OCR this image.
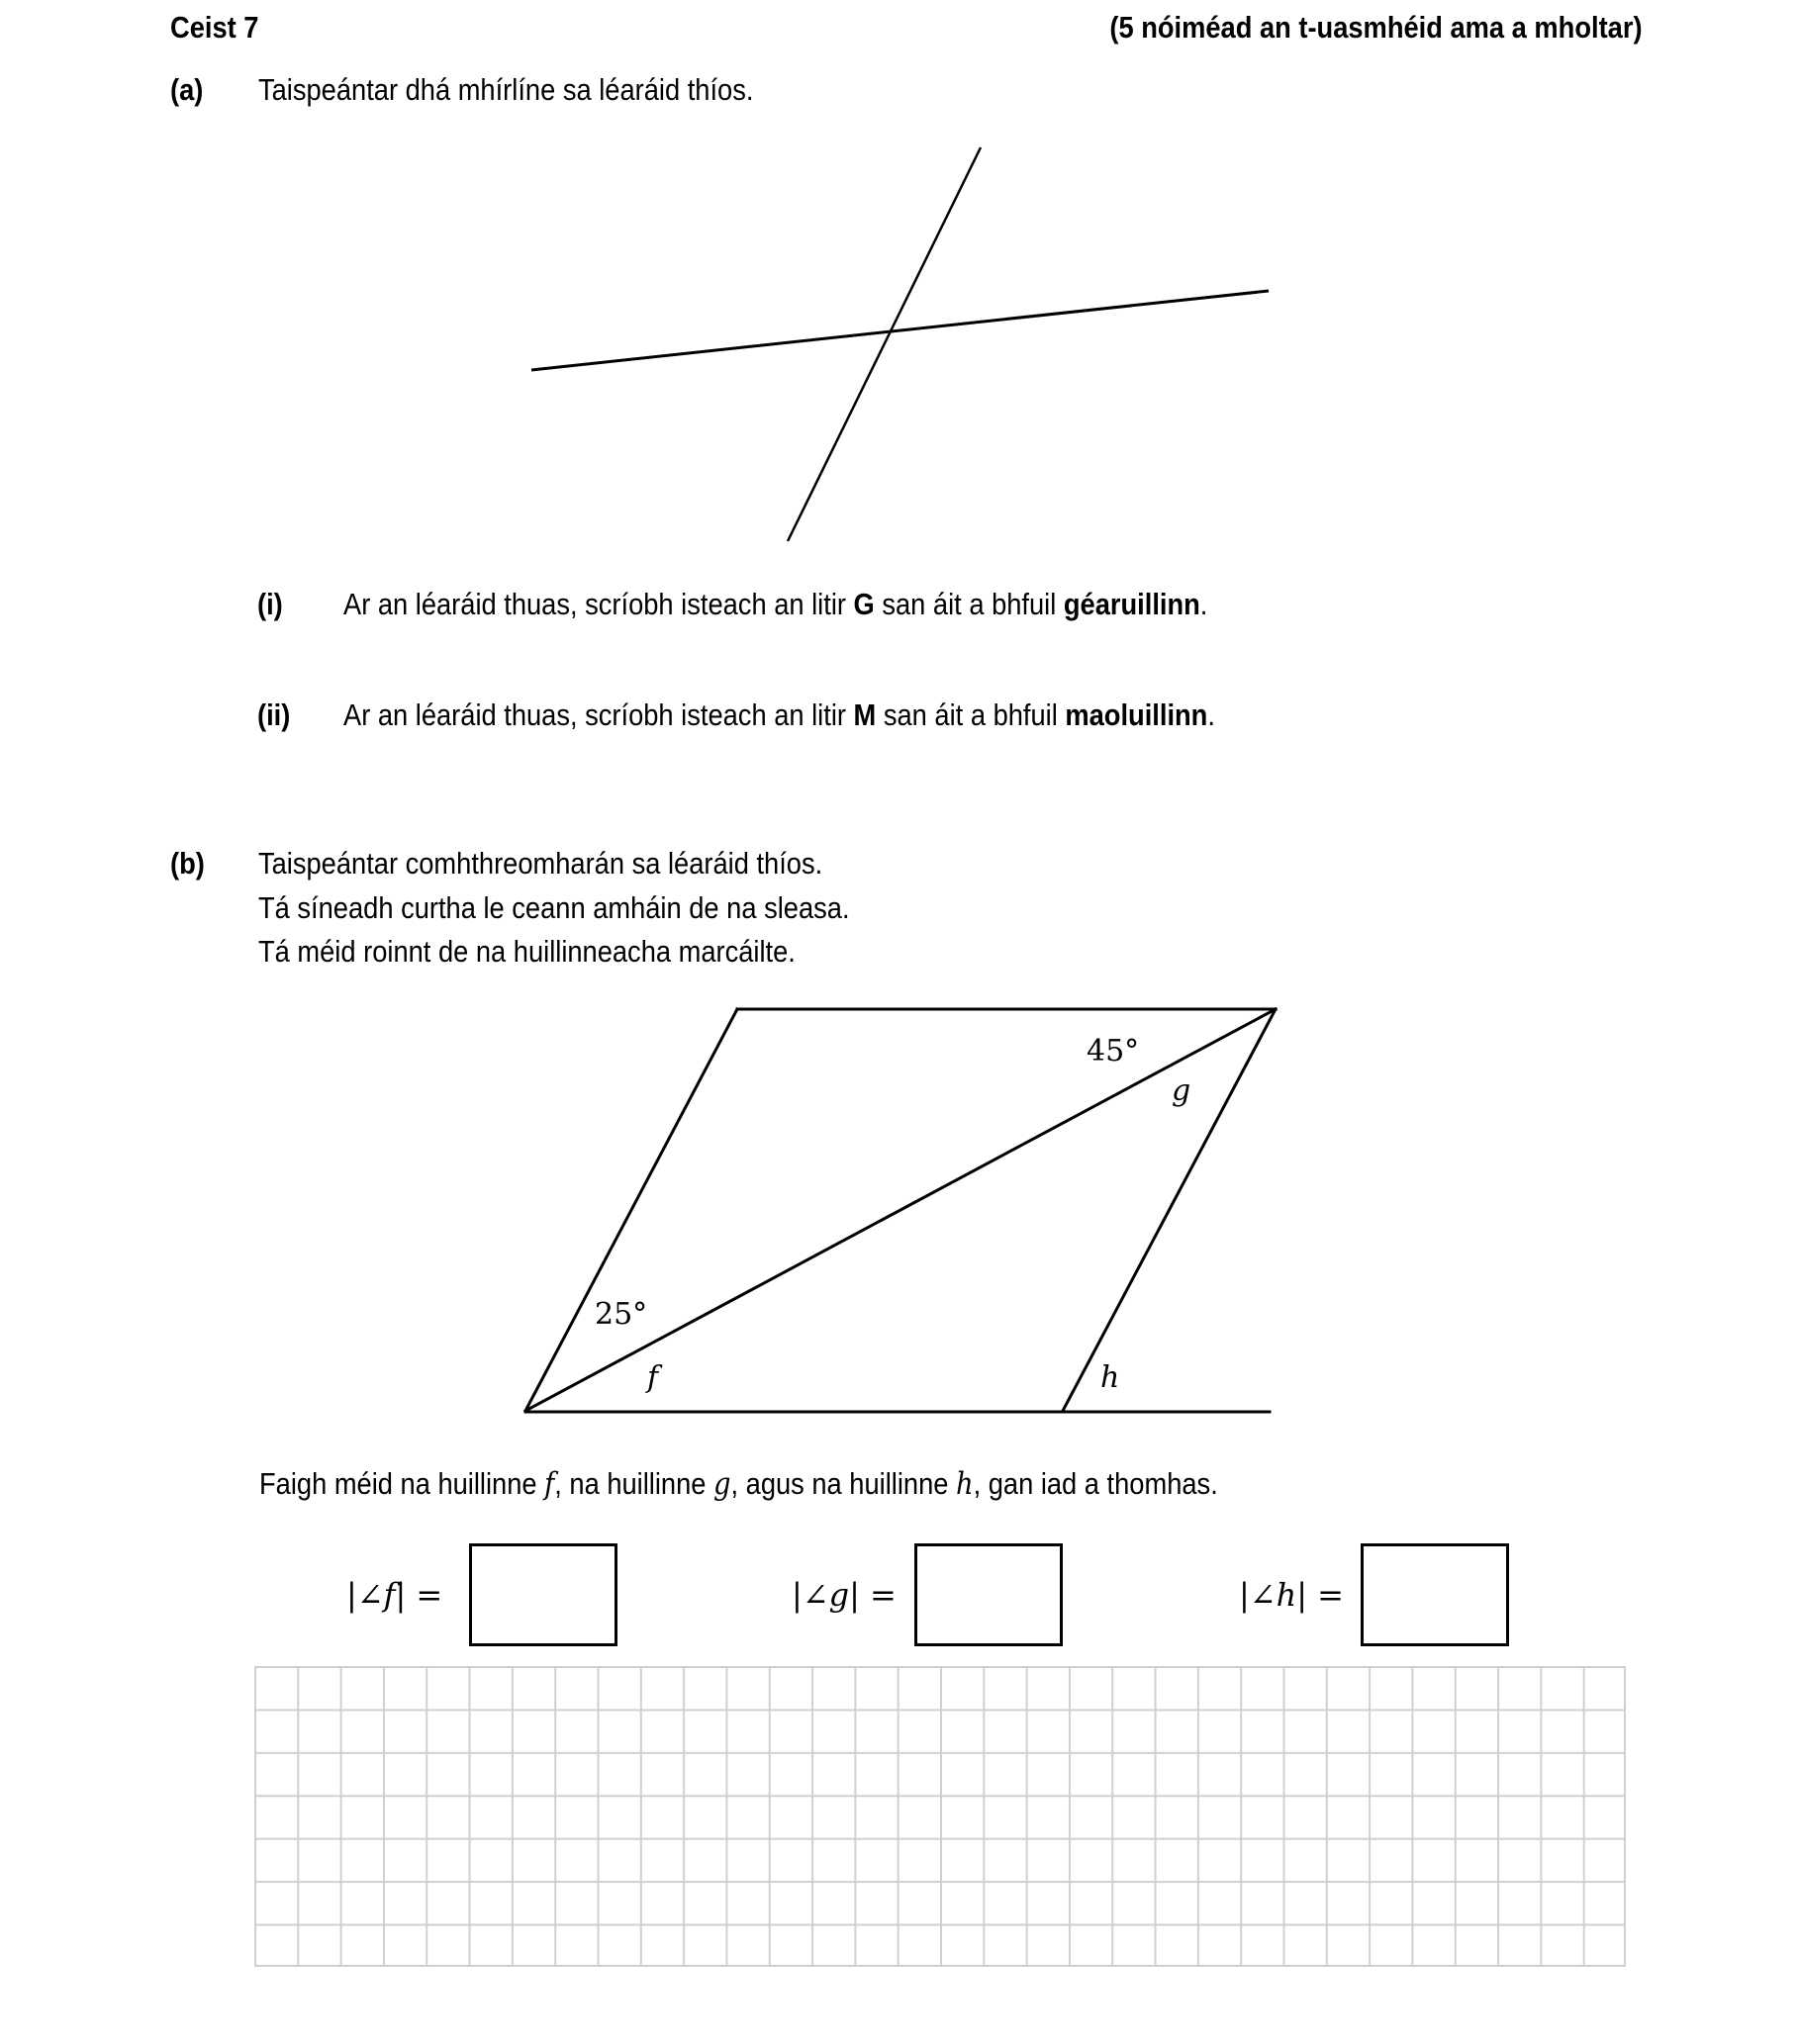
Ceist 7	(5 nóiméad an t-uasmhéid ama a mholtar)
(a) Taispeántar dhá mhírlíne sa léaráid thíos.
(i) Ar an léaráid thuas, scríobh isteach an litir G san áit a bhfuil géaruillinn.
(ii) Ar an léaráid thuas, scríobh isteach an litir M san áit a bhfuil maoluillinn.
(b) Taispeántar comhthreomharán sa léaráid thíos.
Tá síneadh curtha le ceann amháin de na sleasa.
Tá méid roinnt de na huillinneacha marcáilte.
45°
g
25°
f	h
Faigh méid na huillinne f, na huillinne g, agus na huillinne h, gan iad a thomhas.
|∠f| =	|∠g| =	|∠h| =
